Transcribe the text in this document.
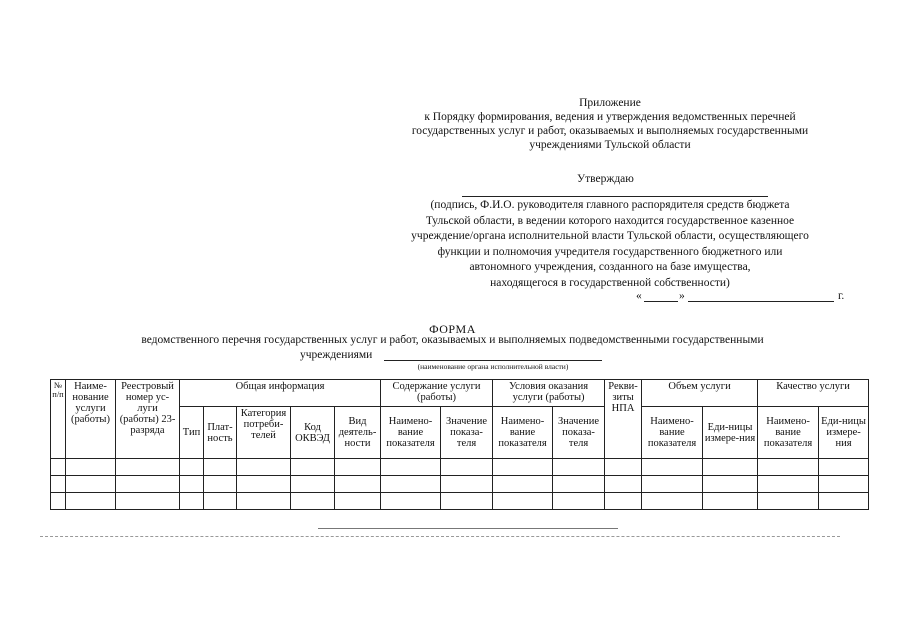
Приложение
к Порядку формирования, ведения и утверждения ведомственных перечней
государственных услуг и работ, оказываемых и выполняемых государственными
учреждениями Тульской области
Утверждаю
(подпись, Ф.И.О. руководителя главного распорядителя средств бюджета
Тульской области, в ведении которого находится государственное казенное
учреждение/органа исполнительной власти Тульской области, осуществляющего
функции и полномочия учредителя государственного бюджетного или
автономного учреждения, созданного на базе имущества,
находящегося в государственной собственности)
«	»	г.
ФОРМА
ведомственного перечня государственных услуг и работ, оказываемых и выполняемых подведомственными государственными
учреждениями
(наименование органа исполнительной власти)
№ п/п	Наиме-нование услуги (работы)	Реестровый номер ус-луги (работы) 23-разряда	Общая информация					Содержание услуги (работы)		Условия оказания услуги (работы)		Рекви-зиты НПА	Объем услуги		Качество услуги	
			Тип	Плат-ность	Категория потреби-телей	Код ОКВЭД	Вид деятель-ности	Наимено-вание показателя	Значение показа-теля	Наимено-вание показателя	Значение показа-теля		Наимено-вание показателя	Еди-ницы измере-ния	Наимено-вание показателя	Еди-ницы измере-ния
